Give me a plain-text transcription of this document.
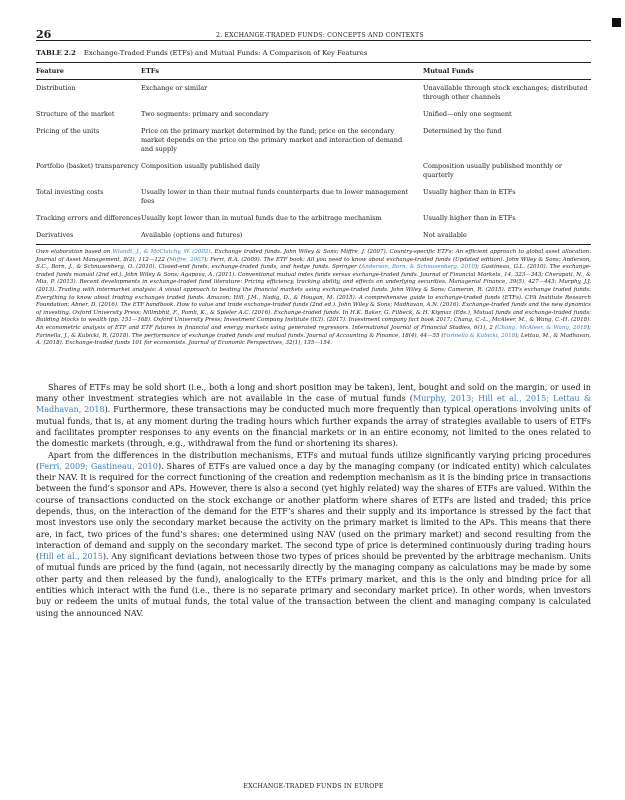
26	2. EXCHANGE-TRADED FUNDS: CONCEPTS AND CONTEXTS
TABLE 2.2 Exchange-Traded Funds (ETFs) and Mutual Funds: A Comparison of Key Features
Feature	ETFs	Mutual Funds
Distribution	Exchange or similar	Unavailable through stock exchanges; distributed through other channels
Structure of the market	Two segments: primary and secondary	Unified—only one segment
Pricing of the units	Price on the primary market determined by the fund; price on the secondary market depends on the price on the primary market and interaction of demand and supply	Determined by the fund
Portfolio (basket) transparency	Composition usually published daily	Composition usually published monthly or quarterly
Total investing costs	Usually lower in than their mutual funds counterparts due to lower management fees	Usually higher than in ETFs
Tracking errors and differences	Usually kept lower than in mutual funds due to the arbitrage mechanism	Usually higher than in ETFs
Derivatives	Available (options and futures)	Not available
Own elaboration based on Wiandt, J., & McClatchy, W. (2002). Exchange traded funds. John Wiley & Sons; Miffre, J. (2007). Country-specific ETFs: An efficient approach to global asset allocation. Journal of Asset Management, 8(2), 112—122 (Miffre, 2007); Ferri, R.A. (2009). The ETF book: All you need to know about exchange-traded funds (Updated edition). John Wiley & Sons; Anderson, S.C., Born, J., & Schnusenberg, O. (2010). Closed-end funds, exchange-traded funds, and hedge funds. Springer (Anderson, Born, & Schnusenberg, 2010); Gastineau, G.L. (2010). The exchange-traded funds manual (2nd ed.). John Wiley & Sons; Agapova, A. (2011). Conventional mutual index funds versus exchange-traded funds. Journal of Financial Markets, 14, 323—343; Cherapati, N., & Mia, P. (2013). Recent developments in exchange-traded fund literature: Pricing efficiency, tracking ability, and effects on underlying securities. Managerial Finance, 39(5), 427—443; Murphy, J.J. (2013). Trading with intermarket analysis: A visual approach to beating the financial markets using exchange-traded funds. John Wiley & Sons; Cameron, R. (2015). ETFs exchange traded funds: Everything to know about trading exchanges traded funds. Amazon; Hill, J.M., Nadig, D., & Hougan, M. (2015). A comprehensive guide to exchange-traded funds (ETFs). CFA Institute Research Foundation; Abner, D. (2016). The ETF handbook. How to value and trade exchange-traded funds (2nd ed.). John Wiley & Sons; Madhavan, A.N. (2016). Exchange-traded funds and the new dynamics of investing. Oxford University Press; Nillmbhit, F., Pamli, K., & Spieler A.C. (2016). Exchange-traded funds. In H.K. Baker, G. Filbeck, & H. Kiymaz (Eds.), Mutual funds and exchange-traded funds: Building blocks to wealth (pp. 151—168). Oxford University Press; Investment Company Institute (ICI). (2017). Investment company fact book 2017; Chang, C.-L., McAleer, M., & Wang, C.-H. (2018). An econometric analysis of ETF and ETF futures in financial and energy markets using generated regressors. International Journal of Financial Studies, 6(1), 2 (Chang, McAleer, & Wang, 2018); Farinella, J., & Kubicki, R. (2018). The performance of exchange traded funds and mutual funds. Journal of Accounting & Finance, 18(4), 44—55 (Farinella & Kubicki, 2018); Lettau, M., & Madhavan, A. (2018). Exchange-traded funds 101 for economists. Journal of Economic Perspectives, 32(1), 135—154.

Shares of ETFs may be sold short (i.e., both a long and short position may be taken), lent, bought and sold on the margin, or used in many other investment strategies which are not available in the case of mutual funds (Murphy, 2013; Hill et al., 2015; Lettau & Madhavan, 2018). Furthermore, these transactions may be conducted much more frequently than typical operations involving units of mutual funds, that is, at any moment during the trading hours which further expands the array of strategies available to users of ETFs and facilitates prompter responses to any events on the financial markets or in an entire economy, not limited to the ones related to the domestic markets (through, e.g., withdrawal from the fund or shortening its shares).

Apart from the differences in the distribution mechanisms, ETFs and mutual funds utilize significantly varying pricing procedures (Ferri, 2009; Gastineau, 2010). Shares of ETFs are valued once a day by the managing company (or indicated entity) which calculates their NAV. It is required for the correct functioning of the creation and redemption mechanism as it is the binding price in transactions between the fund’s sponsor and APs. However, there is also a second (yet highly related) way the shares of ETFs are valued. Within the course of transactions conducted on the stock exchange or another platform where shares of ETFs are listed and traded; this price depends, thus, on the interaction of the demand for the ETF’s shares and their supply and its importance is stressed by the fact that most investors use only the secondary market because the activity on the primary market is limited to the APs. This means that there are, in fact, two prices of the fund’s shares: one determined using NAV (used on the primary market) and second resulting from the interaction of demand and supply on the secondary market. The second type of price is determined continuously during trading hours (Hill et al., 2015). Any significant deviations between those two types of prices should be prevented by the arbitrage mechanism. Units of mutual funds are priced by the fund (again, not necessarily directly by the managing company as calculations may be made by some other party and then released by the fund), analogically to the ETFs primary market, and this is the only and binding price for all entities which interact with the fund (i.e., there is no separate primary and secondary market price). In other words, when investors buy or redeem the units of mutual funds, the total value of the transaction between the client and managing company is calculated using the announced NAV.

EXCHANGE-TRADED FUNDS IN EUROPE
